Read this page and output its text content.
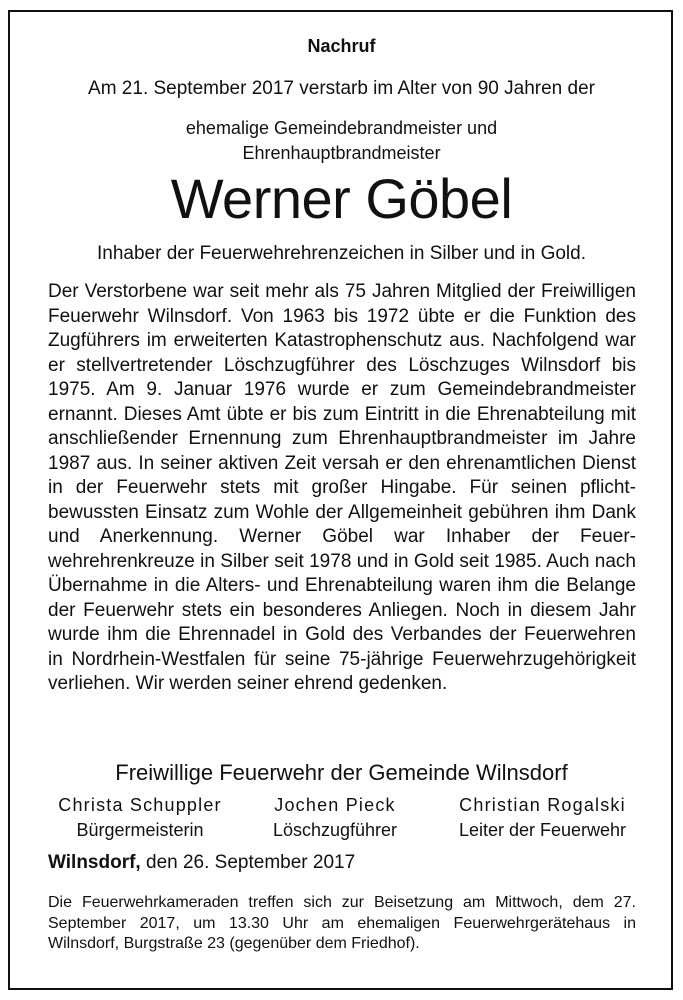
Nachruf
Am 21. September 2017 verstarb im Alter von 90 Jahren der
ehemalige Gemeindebrandmeister und
Ehrenhauptbrandmeister
Werner Göbel
Inhaber der Feuerwehrehrenzeichen in Silber und in Gold.
Der Verstorbene war seit mehr als 75 Jahren Mitglied der Freiwilligen Feuerwehr Wilnsdorf. Von 1963 bis 1972 übte er die Funktion des Zugführers im erweiterten Katastrophenschutz aus. Nachfolgend war er stellvertretender Löschzugführer des Löschzuges Wilnsdorf bis 1975. Am 9. Januar 1976 wurde er zum Gemeindebrandmeister ernannt. Dieses Amt übte er bis zum Eintritt in die Ehrenabteilung mit anschließender Ernennung zum Ehrenhauptbrandmeister im Jahre 1987 aus. In seiner aktiven Zeit versah er den ehrenamtlichen Dienst in der Feuerwehr stets mit großer Hingabe. Für seinen pflichtbewussten Einsatz zum Wohle der Allgemeinheit gebühren ihm Dank und Anerkennung. Werner Göbel war Inhaber der Feuerwehrehrenkreuze in Silber seit 1978 und in Gold seit 1985. Auch nach Übernahme in die Alters- und Ehrenabteilung waren ihm die Belange der Feuerwehr stets ein besonderes Anliegen. Noch in diesem Jahr wurde ihm die Ehrennadel in Gold des Verbandes der Feuerwehren in Nordrhein-Westfalen für seine 75-jährige Feuerwehrzugehörigkeit verliehen. Wir werden seiner ehrend gedenken.
Freiwillige Feuerwehr der Gemeinde Wilnsdorf
Christa Schuppler
Bürgermeisterin
Jochen Pieck
Löschzugführer
Christian Rogalski
Leiter der Feuerwehr
Wilnsdorf, den 26. September 2017
Die Feuerwehrkameraden treffen sich zur Beisetzung am Mittwoch, dem 27. September 2017, um 13.30 Uhr am ehemaligen Feuerwehrgerätehaus in Wilnsdorf, Burgstraße 23 (gegenüber dem Friedhof).
